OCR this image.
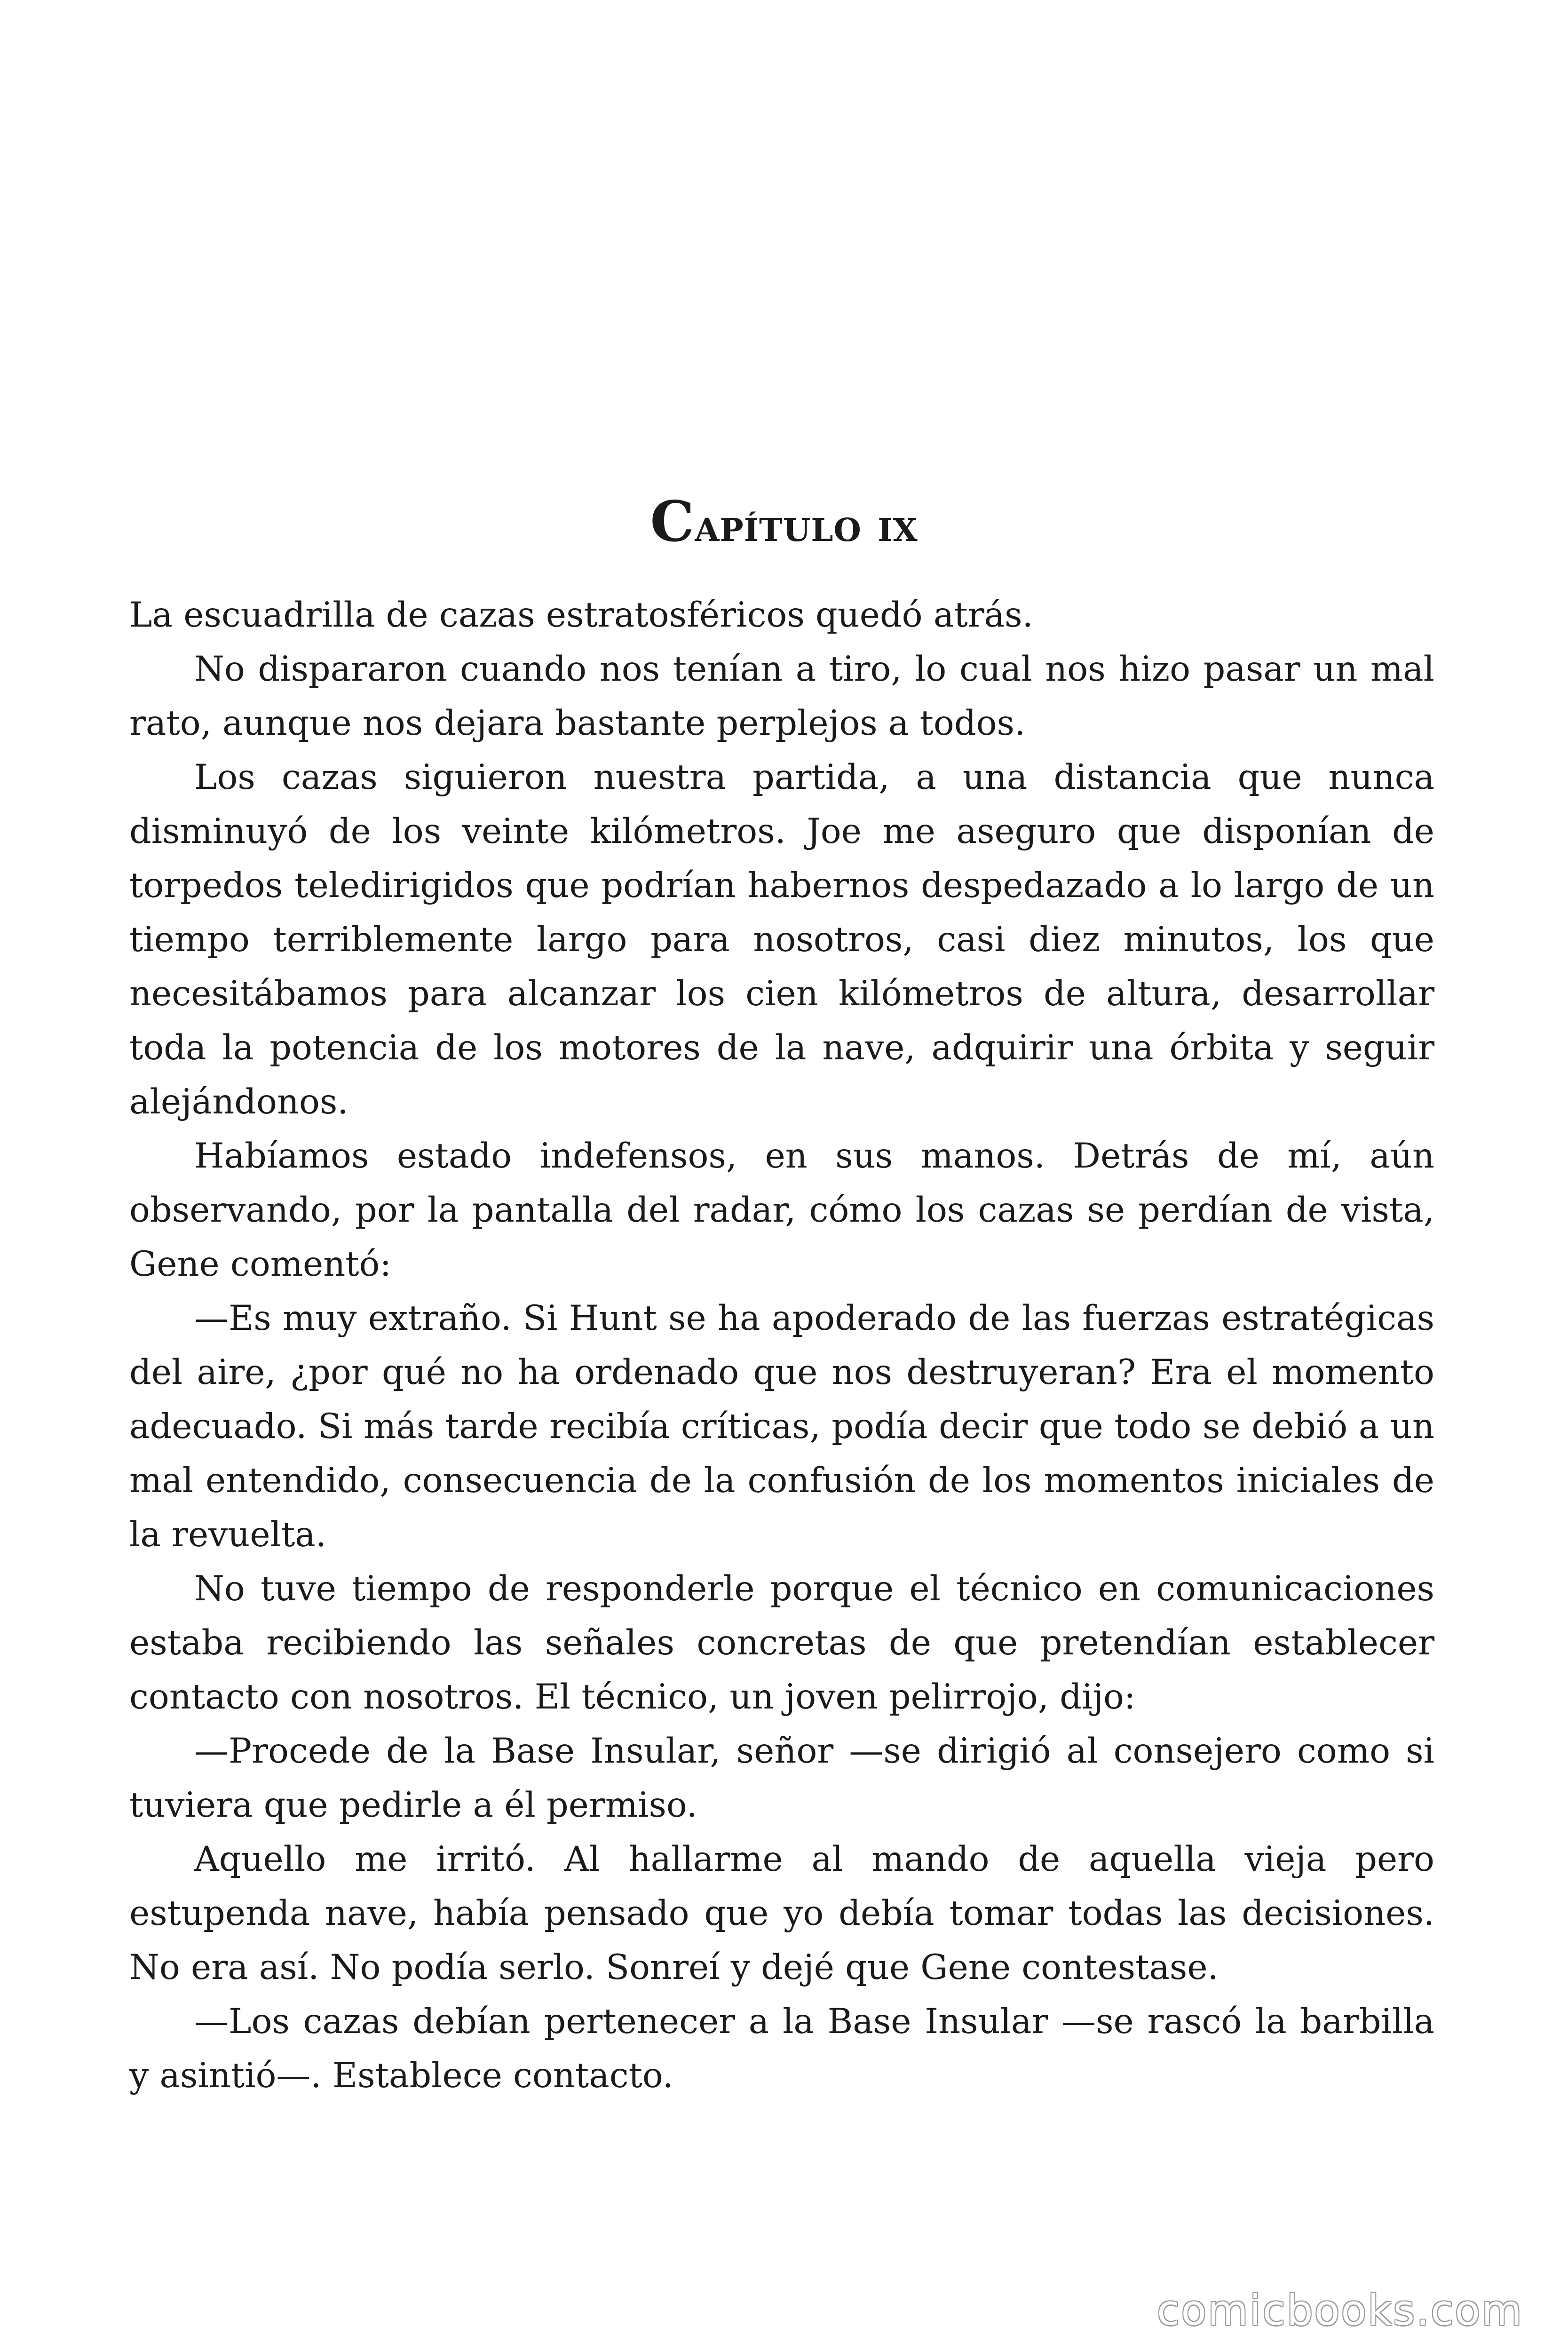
Capítulo ix

La escuadrilla de cazas estratosféricos quedó atrás.

No dispararon cuando nos tenían a tiro, lo cual nos hizo pasar un mal rato, aunque nos dejara bastante perplejos a todos.

Los cazas siguieron nuestra partida, a una distancia que nunca disminuyó de los veinte kilómetros. Joe me aseguro que disponían de torpedos teledirigidos que podrían habernos despedazado a lo largo de un tiempo terriblemente largo para nosotros, casi diez minutos, los que necesitábamos para alcanzar los cien kilómetros de altura, desarrollar toda la potencia de los motores de la nave, adquirir una órbita y seguir alejándonos.

Habíamos estado indefensos, en sus manos. Detrás de mí, aún observando, por la pantalla del radar, cómo los cazas se perdían de vista, Gene comentó:

—Es muy extraño. Si Hunt se ha apoderado de las fuerzas estratégicas del aire, ¿por qué no ha ordenado que nos destruyeran? Era el momento adecuado. Si más tarde recibía críticas, podía decir que todo se debió a un mal entendido, consecuencia de la confusión de los momentos iniciales de la revuelta.

No tuve tiempo de responderle porque el técnico en comunicaciones estaba recibiendo las señales concretas de que pretendían establecer contacto con nosotros. El técnico, un joven pelirrojo, dijo:

—Procede de la Base Insular, señor —se dirigió al consejero como si tuviera que pedirle a él permiso.

Aquello me irritó. Al hallarme al mando de aquella vieja pero estupenda nave, había pensado que yo debía tomar todas las decisiones. No era así. No podía serlo. Sonreí y dejé que Gene contestase.

—Los cazas debían pertenecer a la Base Insular —se rascó la barbilla y asintió—. Establece contacto.

comicbooks.com
